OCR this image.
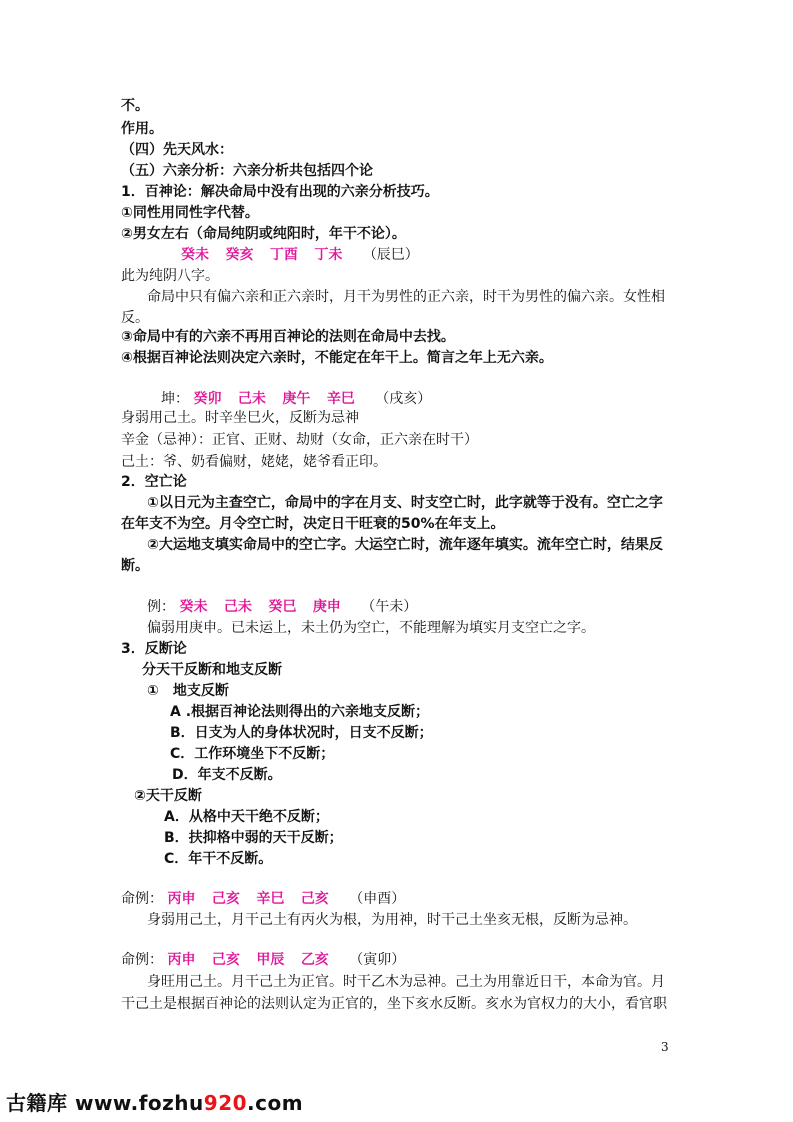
不。
作用。
（四）先天风水：
（五）六亲分析：六亲分析共包括四个论
1．百神论：解决命局中没有出现的六亲分析技巧。
①同性用同性字代替。
②男女左右（命局纯阴或纯阳时，年干不论）。
癸未 癸亥 丁酉 丁未 （辰巳）
此为纯阴八字。
命局中只有偏六亲和正六亲时，月干为男性的正六亲，时干为男性的偏六亲。女性相
反。
③命局中有的六亲不再用百神论的法则在命局中去找。
④根据百神论法则决定六亲时，不能定在年干上。简言之年上无六亲。
坤： 癸卯 己未 庚午 辛巳 （戌亥）
身弱用己土。时辛坐巳火，反断为忌神
辛金（忌神）：正官、正财、劫财（女命，正六亲在时干）
己土：爷、奶看偏财，姥姥，姥爷看正印。
2．空亡论
①以日元为主查空亡，命局中的字在月支、时支空亡时，此字就等于没有。空亡之字
在年支不为空。月令空亡时，决定日干旺衰的50%在年支上。
②大运地支填实命局中的空亡字。大运空亡时，流年逐年填实。流年空亡时，结果反
断。
例： 癸未 己未 癸巳 庚申 （午未）
偏弱用庚申。已未运上，未土仍为空亡，不能理解为填实月支空亡之字。
3．反断论
分天干反断和地支反断
①　地支反断
A .根据百神论法则得出的六亲地支反断；
B．日支为人的身体状况时，日支不反断；
C．工作环境坐下不反断；
D．年支不反断。
②天干反断
A．从格中天干绝不反断；
B．扶抑格中弱的天干反断；
C．年干不反断。
命例： 丙申 己亥 辛巳 己亥 （申酉）
身弱用己土，月干己土有丙火为根，为用神，时干己土坐亥无根，反断为忌神。
命例： 丙申 己亥 甲辰 乙亥 （寅卯）
身旺用己土。月干己土为正官。时干乙木为忌神。己土为用靠近日干，本命为官。月
干己土是根据百神论的法则认定为正官的，坐下亥水反断。亥水为官权力的大小，看官职
3
古籍库 www.fozhu920.com
